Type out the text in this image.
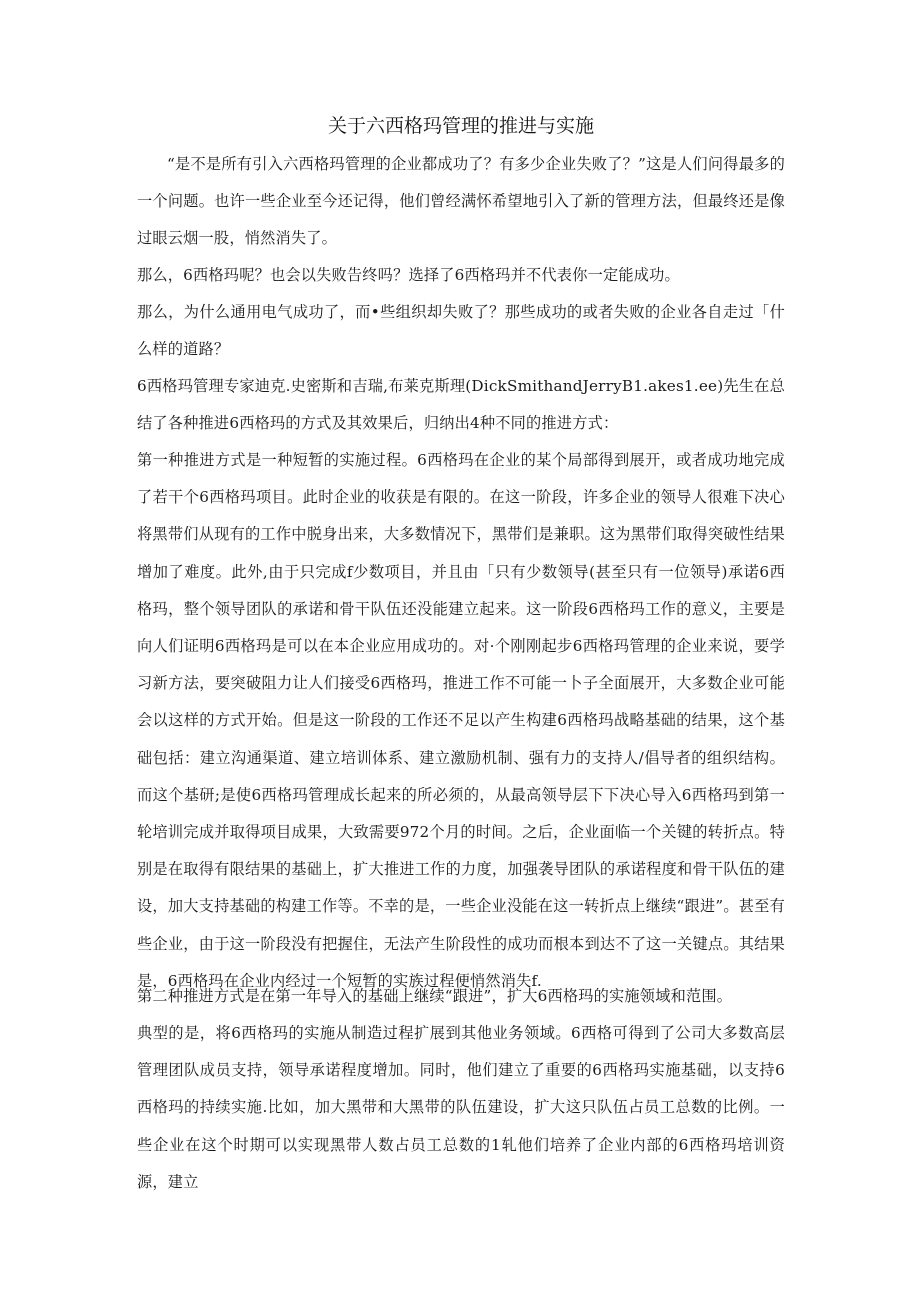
关于六西格玛管理的推进与实施
“是不是所有引入六西格玛管理的企业都成功了？有多少企业失败了？”这是人们问得最多的一个问题。也许一些企业至今还记得，他们曾经满怀希望地引入了新的管理方法，但最终还是像过眼云烟一股，悄然消失了。
那么，6西格玛呢？也会以失败告终吗？选择了6西格玛并不代表你一定能成功。
那么，为什么通用电气成功了，而•些组织却失败了？那些成功的或者失败的企业各自走过「什么样的道路？
6西格玛管理专家迪克.史密斯和吉瑞,布莱克斯理(DickSmithandJerryB1.akes1.ee)先生在总结了各种推进6西格玛的方式及其效果后，归纳出4种不同的推进方式：
第一种推进方式是一种短暂的实施过程。6西格玛在企业的某个局部得到展开，或者成功地完成了若干个6西格玛项目。此时企业的收获是有限的。在这一阶段，许多企业的领导人很难下决心将黑带们从现有的工作中脱身出来，大多数情况下，黑带们是兼职。这为黑带们取得突破性结果增加了难度。此外,由于只完成f少数项目，并且由「只有少数领导(甚至只有一位领导)承诺6西格玛，整个领导团队的承诺和骨干队伍还没能建立起来。这一阶段6西格玛工作的意义，主要是向人们证明6西格玛是可以在本企业应用成功的。对·个刚刚起步6西格玛管理的企业来说，要学习新方法，要突破阻力让人们接受6西格玛，推进工作不可能一卜子全面展开，大多数企业可能会以这样的方式开始。但是这一阶段的工作还不足以产生构建6西格玛战略基础的结果，这个基础包括：建立沟通渠道、建立培训体系、建立激励机制、强有力的支持人/倡导者的组织结构。而这个基研;是使6西格玛管理成长起来的所必须的，从最高领导层下下决心导入6西格玛到第一轮培训完成并取得项目成果，大致需要972个月的时间。之后，企业面临一个关键的转折点。特别是在取得有限结果的基础上，扩大推进工作的力度，加强袭导团队的承诺程度和骨干队伍的建设，加大支持基础的构建工作等。不幸的是，一些企业没能在这一转折点上继续“跟进”。甚至有些企业，由于这一阶段没有把握住，无法产生阶段性的成功而根本到达不了这一关键点。其结果是，6西格玛在企业内经过一个短暂的实族过程便悄然消失f.
第二种推进方式是在第一年导入的基础上继续“跟进”，扩大6西格玛的实施领域和范围。
典型的是，将6西格玛的实施从制造过程扩展到其他业务领域。6西格可得到了公司大多数高层管理团队成员支持，领导承诺程度增加。同时，他们建立了重要的6西格玛实施基础，以支持6西格玛的持续实施.比如，加大黑带和大黑带的队伍建设，扩大这只队伍占员工总数的比例。一些企业在这个时期可以实现黑带人数占员工总数的1轧他们培养了企业内部的6西格玛培训资源，建立
